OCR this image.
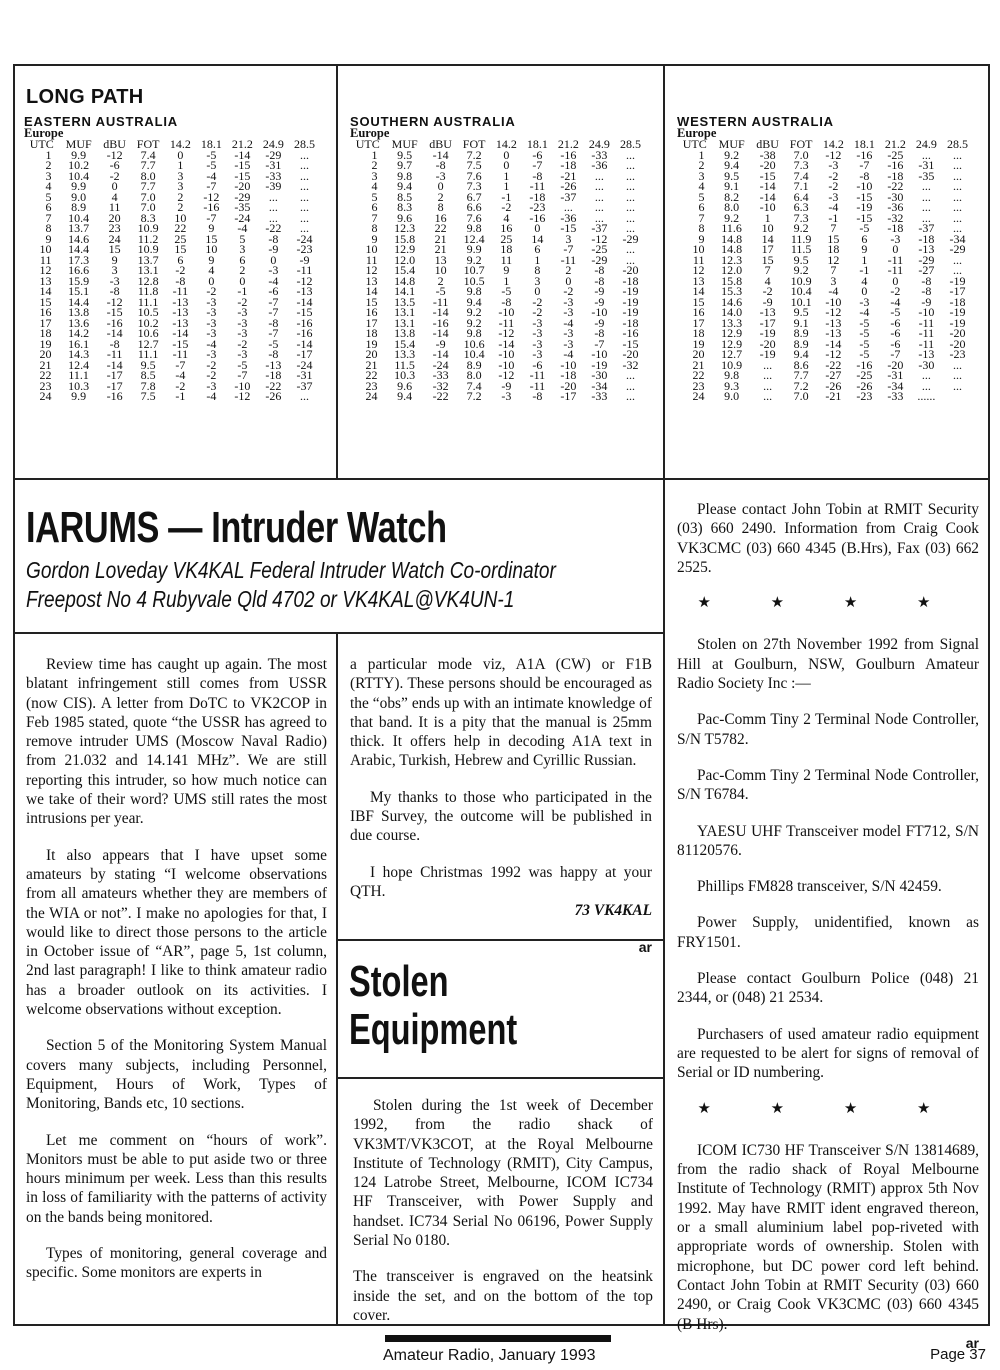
LONG PATH
EASTERN AUSTRALIA
Europe
UTC	MUF	dBU	FOT	14.2	18.1	21.2	24.9	28.5
1	9.9	-12	7.4	0	-5	-14	-29	...
2	10.2	-6	7.7	1	-5	-15	-31	...
3	10.4	-2	8.0	3	-4	-15	-33	...
4	9.9	0	7.7	3	-7	-20	-39	...
5	9.0	4	7.0	2	-12	-29	...	...
6	8.9	11	7.0	2	-16	-35	...	...
7	10.4	20	8.3	10	-7	-24	...	...
8	13.7	23	10.9	22	9	-4	-22	...
9	14.6	24	11.2	25	15	5	-8	-24
10	14.4	15	10.9	15	10	3	-9	-23
11	17.3	9	13.7	6	9	6	0	-9
12	16.6	3	13.1	-2	4	2	-3	-11
13	15.9	-3	12.8	-8	0	0	-4	-12
14	15.1	-8	11.8	-11	-2	-1	-6	-13
15	14.4	-12	11.1	-13	-3	-2	-7	-14
16	13.8	-15	10.5	-13	-3	-3	-7	-15
17	13.6	-16	10.2	-13	-3	-3	-8	-16
18	14.2	-14	10.6	-14	-3	-3	-7	-16
19	16.1	-8	12.7	-15	-4	-2	-5	-14
20	14.3	-11	11.1	-11	-3	-3	-8	-17
21	12.4	-14	9.5	-7	-2	-5	-13	-24
22	11.1	-17	8.5	-4	-2	-7	-18	-31
23	10.3	-17	7.8	-2	-3	-10	-22	-37
24	9.9	-16	7.5	-1	-4	-12	-26	...
SOUTHERN AUSTRALIA
Europe
UTC	MUF	dBU	FOT	14.2	18.1	21.2	24.9	28.5
1	9.5	-14	7.2	0	-6	-16	-33	...
2	9.7	-8	7.5	0	-7	-18	-36	...
3	9.8	-3	7.6	1	-8	-21	...	...
4	9.4	0	7.3	1	-11	-26	...	...
5	8.5	2	6.7	-1	-18	-37	...	...
6	8.3	8	6.6	-2	-23	...	...	...
7	9.6	16	7.6	4	-16	-36	...	...
8	12.3	22	9.8	16	0	-15	-37	...
9	15.8	21	12.4	25	14	3	-12	-29
10	12.9	21	9.9	18	6	-7	-25	...
11	12.0	13	9.2	11	1	-11	-29	...
12	15.4	10	10.7	9	8	2	-8	-20
13	14.8	2	10.5	1	3	0	-8	-18
14	14.1	-5	9.8	-5	0	-2	-9	-19
15	13.5	-11	9.4	-8	-2	-3	-9	-19
16	13.1	-14	9.2	-10	-2	-3	-10	-19
17	13.1	-16	9.2	-11	-3	-4	-9	-18
18	13.8	-14	9.8	-12	-3	-3	-8	-16
19	15.4	-9	10.6	-14	-3	-3	-7	-15
20	13.3	-14	10.4	-10	-3	-4	-10	-20
21	11.5	-24	8.9	-10	-6	-10	-19	-32
22	10.3	-33	8.0	-12	-11	-18	-30	...
23	9.6	-32	7.4	-9	-11	-20	-34	...
24	9.4	-22	7.2	-3	-8	-17	-33	...
WESTERN AUSTRALIA
Europe
UTC	MUF	dBU	FOT	14.2	18.1	21.2	24.9	28.5
1	9.2	-38	7.0	-12	-16	-25	...	...
2	9.4	-20	7.3	-3	-7	-16	-31	...
3	9.5	-15	7.4	-2	-8	-18	-35	...
4	9.1	-14	7.1	-2	-10	-22	...	...
5	8.2	-14	6.4	-3	-15	-30	...	...
6	8.0	-10	6.3	-4	-19	-36	...	...
7	9.2	1	7.3	-1	-15	-32	...	...
8	11.6	10	9.2	7	-5	-18	-37	...
9	14.8	14	11.9	15	6	-3	-18	-34
10	14.8	17	11.5	18	9	0	-13	-29
11	12.3	15	9.5	12	1	-11	-29	...
12	12.0	7	9.2	7	-1	-11	-27	...
13	15.8	4	10.9	3	4	0	-8	-19
14	15.3	-2	10.4	-4	0	-2	-8	-17
15	14.6	-9	10.1	-10	-3	-4	-9	-18
16	14.0	-13	9.5	-12	-4	-5	-10	-19
17	13.3	-17	9.1	-13	-5	-6	-11	-19
18	12.9	-19	8.9	-13	-5	-6	-11	-20
19	12.9	-20	8.9	-14	-5	-6	-11	-20
20	12.7	-19	9.4	-12	-5	-7	-13	-23
21	10.9	...	8.6	-22	-16	-20	-30	...
22	9.8	...	7.7	-27	-25	-31	...	...
23	9.3	...	7.2	-26	-26	-34	...	...
24	9.0	...	7.0	-21	-23	-33	......	
IARUMS — Intruder Watch

Gordon Loveday VK4KAL Federal Intruder Watch Co-ordinator

Freepost No 4 Rubyvale Qld 4702 or VK4KAL@VK4UN-1

Review time has caught up again. The most blatant infringement still comes from USSR (now CIS). A letter from DoTC to VK2COP in Feb 1985 stated, quote “the USSR has agreed to remove intruder UMS (Moscow Naval Radio) from 21.032 and 14.141 MHz”. We are still reporting this intruder, so how much notice can we take of their word? UMS still rates the most intrusions per year.

It also appears that I have upset some amateurs by stating “I welcome observations from all amateurs whether they are members of the WIA or not”. I make no apologies for that, I would like to direct those persons to the article in October issue of “AR”, page 5, 1st column, 2nd last paragraph! I like to think amateur radio has a broader outlook on its activities. I welcome observations without exception.

Section 5 of the Monitoring System Manual covers many subjects, including Personnel, Equipment, Hours of Work, Types of Monitoring, Bands etc, 10 sections.

Let me comment on “hours of work”. Monitors must be able to put aside two or three hours minimum per week. Less than this results in loss of familiarity with the patterns of activity on the bands being monitored.

Types of monitoring, general coverage and specific. Some monitors are experts in

a particular mode viz, A1A (CW) or F1B (RTTY). These persons should be encouraged as the “obs” ends up with an intimate knowledge of that band. It is a pity that the manual is 25mm thick. It offers help in decoding A1A text in Arabic, Turkish, Hebrew and Cyrillic Russian.

My thanks to those who participated in the IBF Survey, the outcome will be published in due course.

I hope Christmas 1992 was happy at your QTH.

73 VK4KAL

ar

Stolen
Equipment

Stolen during the 1st week of December 1992, from the radio shack of VK3MT/VK3COT, at the Royal Melbourne Institute of Technology (RMIT), City Campus, 124 Latrobe Street, Melbourne, ICOM IC734 HF Transceiver, with Power Supply and handset. IC734 Serial No 06196, Power Supply Serial No 0180.

The transceiver is engraved on the heatsink inside the set, and on the bottom of the top cover.

Please contact John Tobin at RMIT Security (03) 660 2490. Information from Craig Cook VK3CMC (03) 660 4345 (B.Hrs), Fax (03) 662 2525.

★ ★ ★ ★

Stolen on 27th November 1992 from Signal Hill at Goulburn, NSW, Goulburn Amateur Radio Society Inc :—

Pac-Comm Tiny 2 Terminal Node Controller, S/N T5782.

Pac-Comm Tiny 2 Terminal Node Controller, S/N T6784.

YAESU UHF Transceiver model FT712, S/N 81120576.

Phillips FM828 transceiver, S/N 42459.

Power Supply, unidentified, known as FRY1501.

Please contact Goulburn Police (048) 21 2344, or (048) 21 2534.

Purchasers of used amateur radio equipment are requested to be alert for signs of removal of Serial or ID numbering.

★ ★ ★ ★

ICOM IC730 HF Transceiver S/N 13814689, from the radio shack of Royal Melbourne Institute of Technology (RMIT) approx 5th Nov 1992. May have RMIT ident engraved thereon, or a small aluminium label pop-riveted with appropriate words of ownership. Stolen with microphone, but DC power cord left behind. Contact John Tobin at RMIT Security (03) 660 2490, or Craig Cook VK3CMC (03) 660 4345 (B Hrs).

ar

Amateur Radio, January 1993	Page 37
